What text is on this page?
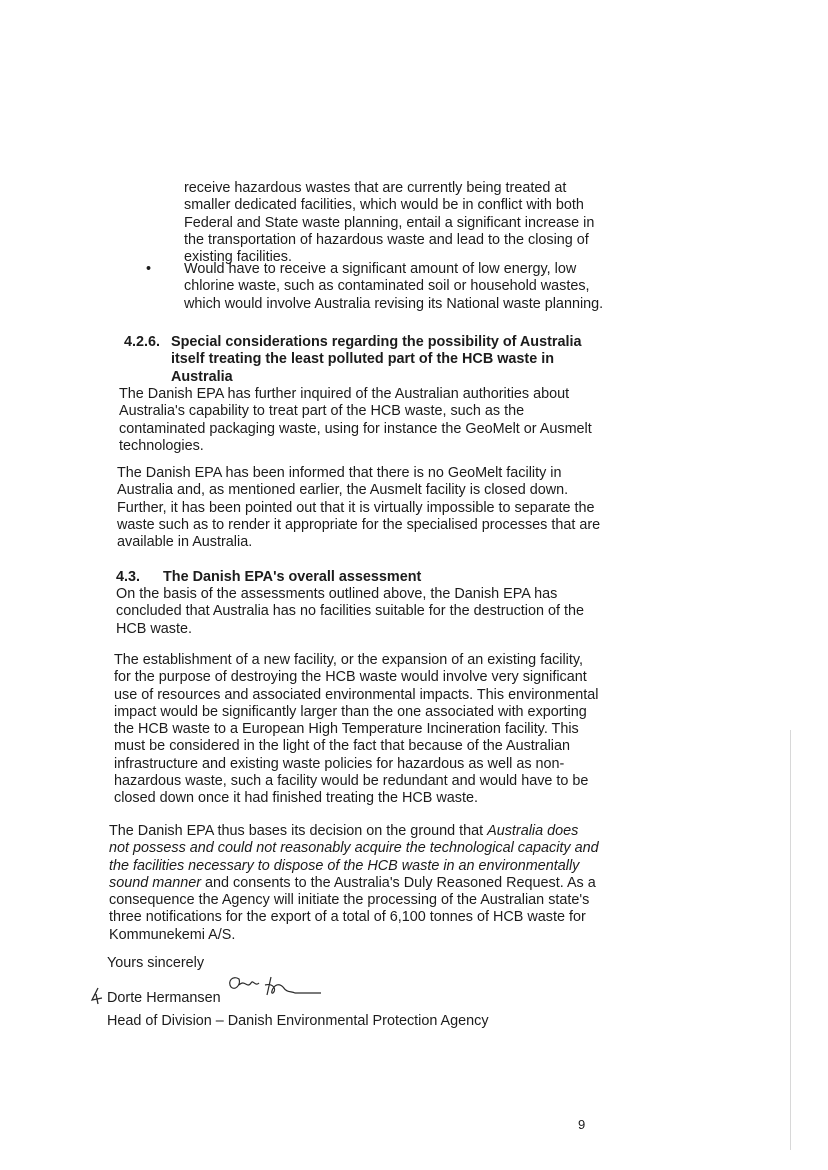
receive hazardous wastes that are currently being treated at smaller dedicated facilities, which would be in conflict with both Federal and State waste planning, entail a significant increase in the transportation of hazardous waste and lead to the closing of existing facilities.

• Would have to receive a significant amount of low energy, low chlorine waste, such as contaminated soil or household wastes, which would involve Australia revising its National waste planning.
4.2.6. Special considerations regarding the possibility of Australia itself treating the least polluted part of the HCB waste in Australia

The Danish EPA has further inquired of the Australian authorities about Australia's capability to treat part of the HCB waste, such as the contaminated packaging waste, using for instance the GeoMelt or Ausmelt technologies.

The Danish EPA has been informed that there is no GeoMelt facility in Australia and, as mentioned earlier, the Ausmelt facility is closed down. Further, it has been pointed out that it is virtually impossible to separate the waste such as to render it appropriate for the specialised processes that are available in Australia.

4.3. The Danish EPA's overall assessment

On the basis of the assessments outlined above, the Danish EPA has concluded that Australia has no facilities suitable for the destruction of the HCB waste.

The establishment of a new facility, or the expansion of an existing facility, for the purpose of destroying the HCB waste would involve very significant use of resources and associated environmental impacts. This environmental impact would be significantly larger than the one associated with exporting the HCB waste to a European High Temperature Incineration facility. This must be considered in the light of the fact that because of the Australian infrastructure and existing waste policies for hazardous as well as non-hazardous waste, such a facility would be redundant and would have to be closed down once it had finished treating the HCB waste.

The Danish EPA thus bases its decision on the ground that Australia does not possess and could not reasonably acquire the technological capacity and the facilities necessary to dispose of the HCB waste in an environmentally sound manner and consents to the Australia's Duly Reasoned Request. As a consequence the Agency will initiate the processing of the Australian state's three notifications for the export of a total of 6,100 tonnes of HCB waste for Kommunekemi A/S.

Yours sincerely
Dorte Hermansen
Head of Division – Danish Environmental Protection Agency
9
